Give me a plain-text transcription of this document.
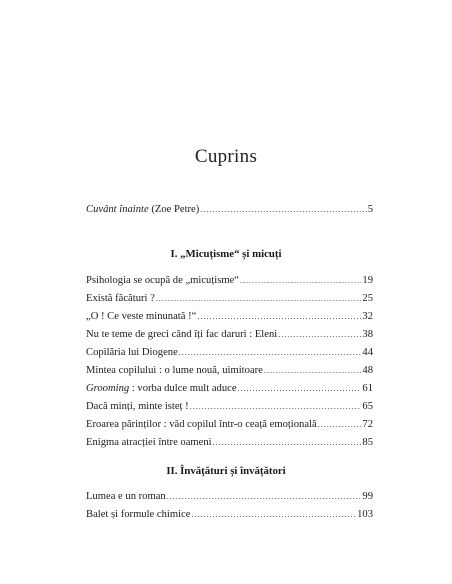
Cuprins
Cuvânt înainte (Zoe Petre) .....	5
I. „Micuțisme“ și micuți
Psihologia se ocupă de „micuțisme“ .....	19
Există făcături ? .....	25
„O ! Ce veste minunată !“ .....	32
Nu te teme de greci când îți fac daruri : Eleni .....	38
Copilăria lui Diogene .....	44
Mintea copilului : o lume nouă, uimitoare .....	48
Grooming : vorba dulce mult aduce .....	61
Dacă minți, minte isteț ! .....	65
Eroarea părinților : văd copilul într-o ceață emoțională .....	72
Enigma atracției între oameni .....	85
II. Învățături și învățători
Lumea e un roman .....	99
Balet și formule chimice .....	103
